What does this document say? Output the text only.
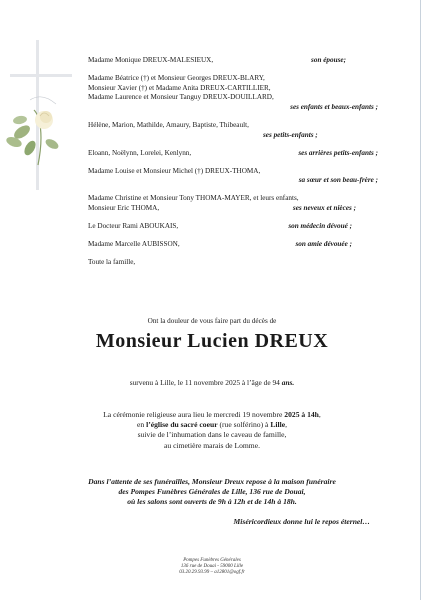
Madame Monique DREUX-MALESIEUX,	son épouse;
Madame Béatrice (†) et Monsieur Georges DREUX-BLARY,
Monsieur Xavier (†) et Madame Anita DREUX-CARTILLIER,
Madame Laurence et Monsieur Tanguy DREUX-DOUILLARD,
ses enfants et beaux-enfants ;
Hélène, Marion, Mathilde, Amaury, Baptiste, Thibeault,
ses petits-enfants ;
Eloann, Noëlynn, Lorelei, Kenlynn,	ses arrières petits-enfants ;
Madame Louise et Monsieur Michel (†) DREUX-THOMA,
sa sœur et son beau-frère ;
Madame Christine et Monsieur Tony THOMA-MAYER, et leurs enfants,
Monsieur Eric THOMA,	ses neveux et nièces ;
Le Docteur Rami ABOUKAIS,	son médecin dévoué ;
Madame Marcelle AUBISSON,	son amie dévouée ;
Toute la famille,
Ont la douleur de vous faire part du décès de
Monsieur Lucien DREUX
survenu à Lille, le 11 novembre 2025 à l’âge de 94 ans.
La cérémonie religieuse aura lieu le mercredi 19 novembre 2025 à 14h,
en l’église du sacré coeur (rue solférino) à Lille,
suivie de l’inhumation dans le caveau de famille,
au cimetière marais de Lomme.
Dans l’attente de ses funérailles, Monsieur Dreux repose à la maison funéraire
des Pompes Funèbres Générales de Lille, 136 rue de Douai,
où les salons sont ouverts de 9h à 12h et de 14h à 18h.
Miséricordieux donne lui le repos éternel…
Pompes Funèbres Générales
136 rue de Douai - 59000 Lille
03.20.29.93.99 – a12801@ogf.fr
